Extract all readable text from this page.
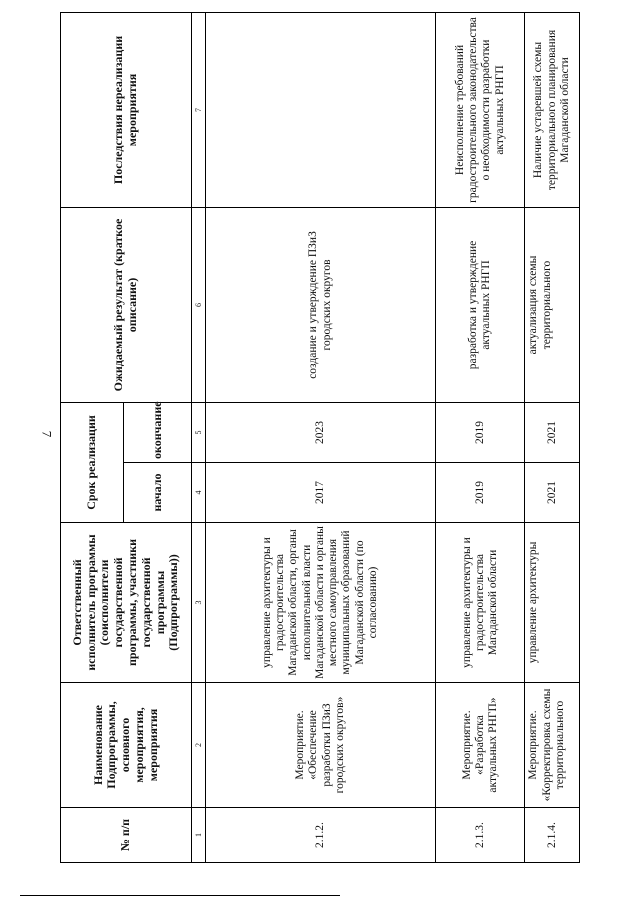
7
№ п/п	Наименование Подпрограммы, основного мероприятия, мероприятия	Ответственный исполнитель программы (соисполнители государственной программы, участники государственной программы (Подпрограммы))	Срок реализации		Ожидаемый результат (краткое описание)	Последствия нереализации мероприятия
			начало	окончание		
1	2	3	4	5	6	7
2.1.2.	Мероприятие. «Обеспечение разработки ПЗиЗ городских округов»	управление архитектуры и градостроительства Магаданской области, органы исполнительной власти Магаданской области и органы местного самоуправления муниципальных образований Магаданской области (по согласованию)	2017	2023	создание и утверждение ПЗиЗ городских округов	
2.1.3.	Мероприятие. «Разработка актуальных РНГП»	управление архитектуры и градостроительства Магаданской области	2019	2019	разработка и утверждение актуальных РНГП	Неисполнение требований градостроительного законодательства о необходимости разработки актуальных РНГП
2.1.4.	Мероприятие. «Корректировка схемы территориального	управление архитектуры	2021	2021	актуализация схемы территориального	Наличие устаревшей схемы территориального планирования Магаданской области
